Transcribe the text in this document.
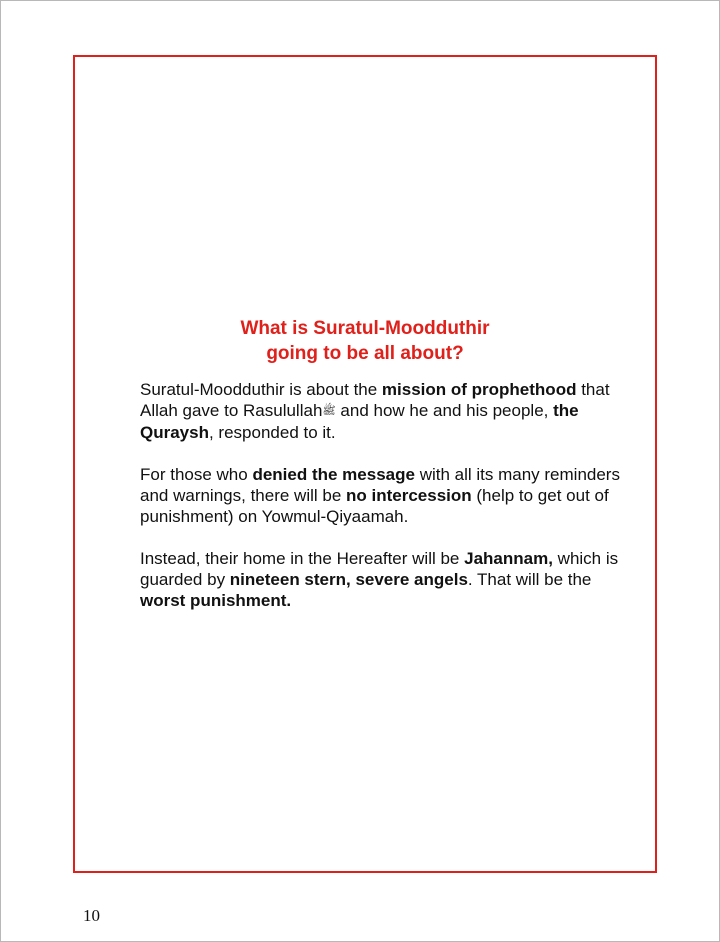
What is Suratul-Moodduthir
going to be all about?

Suratul-Moodduthir is about the mission of prophethood that Allah gave to Rasulullahﷺ and how he and his people, the Quraysh, responded to it.

For those who denied the message with all its many reminders and warnings, there will be no intercession (help to get out of punishment) on Yowmul-Qiyaamah.

Instead, their home in the Hereafter will be Jahannam, which is guarded by nineteen stern, severe angels. That will be the worst punishment.

10
